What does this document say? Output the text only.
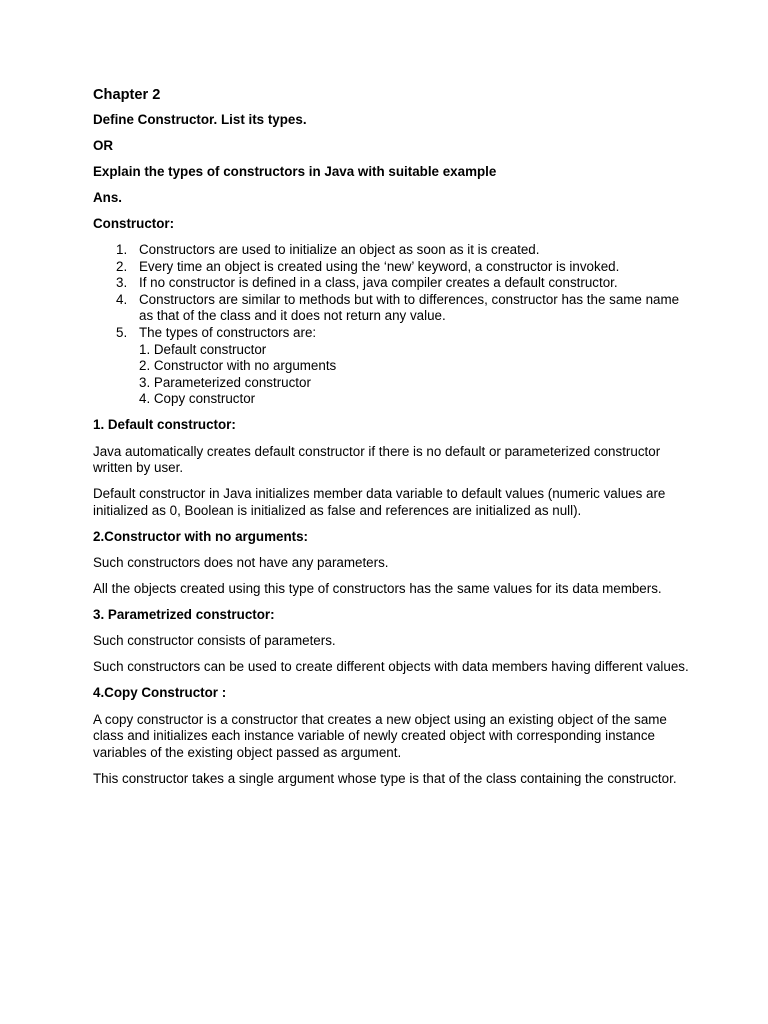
Chapter 2
Define Constructor. List its types.
OR
Explain the types of constructors in Java with suitable example
Ans.
Constructor:
1. Constructors are used to initialize an object as soon as it is created.
2. Every time an object is created using the ‘new’ keyword, a constructor is invoked.
3. If no constructor is defined in a class, java compiler creates a default constructor.
4. Constructors are similar to methods but with to differences, constructor has the same name as that of the class and it does not return any value.
5. The types of constructors are:
1. Default constructor
2. Constructor with no arguments
3. Parameterized constructor
4. Copy constructor
1. Default constructor:
Java automatically creates default constructor if there is no default or parameterized constructor written by user.
Default constructor in Java initializes member data variable to default values (numeric values are initialized as 0, Boolean is initialized as false and references are initialized as null).
2.Constructor with no arguments:
Such constructors does not have any parameters.
All the objects created using this type of constructors has the same values for its data members.
3. Parametrized constructor:
Such constructor consists of parameters.
Such constructors can be used to create different objects with data members having different values.
4.Copy Constructor :
A copy constructor is a constructor that creates a new object using an existing object of the same class and initializes each instance variable of newly created object with corresponding instance variables of the existing object passed as argument.
This constructor takes a single argument whose type is that of the class containing the constructor.
